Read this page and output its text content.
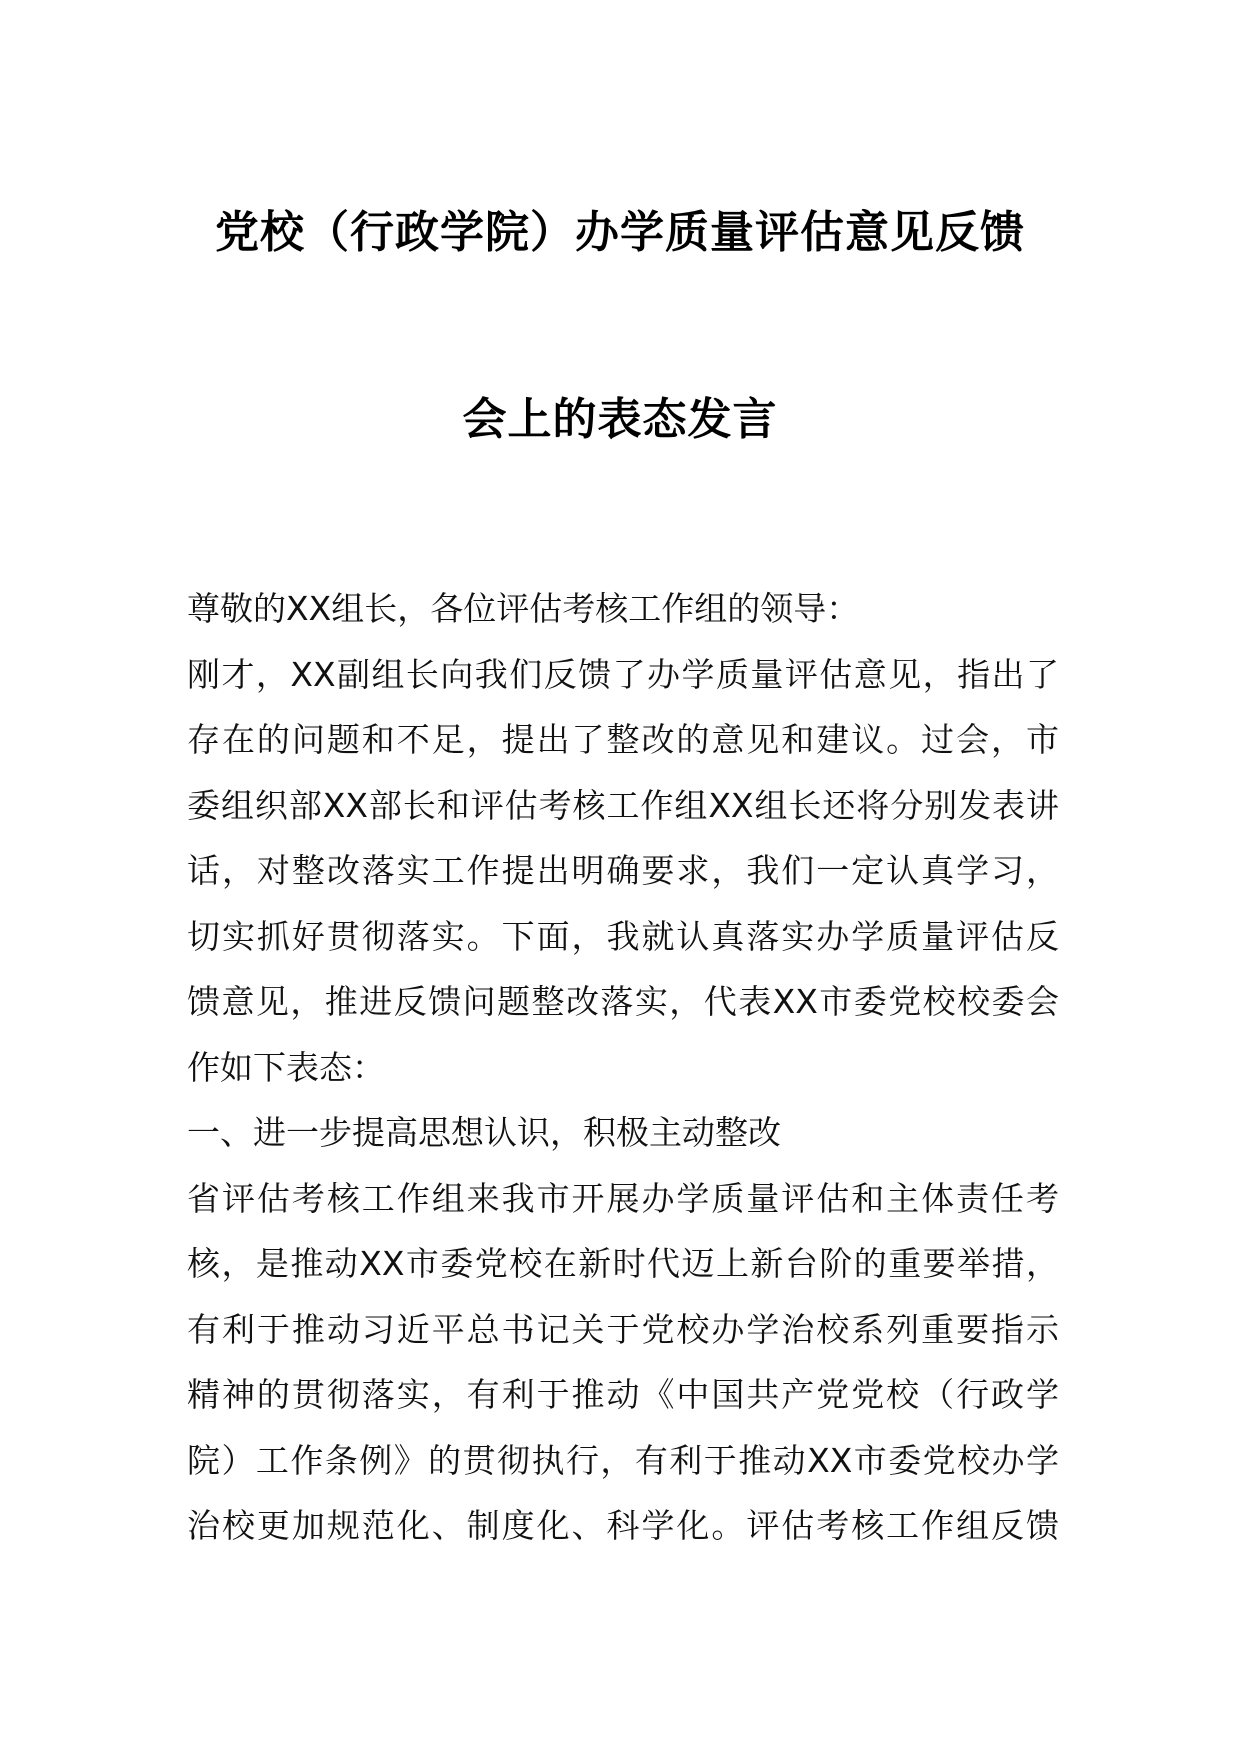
党校（行政学院）办学质量评估意见反馈
会上的表态发言
尊敬的XX组长，各位评估考核工作组的领导：
刚才，XX副组长向我们反馈了办学质量评估意见，指出了
存在的问题和不足，提出了整改的意见和建议。过会，市
委组织部XX部长和评估考核工作组XX组长还将分别发表讲
话，对整改落实工作提出明确要求，我们一定认真学习，
切实抓好贯彻落实。下面，我就认真落实办学质量评估反
馈意见，推进反馈问题整改落实，代表XX市委党校校委会
作如下表态：
一、进一步提高思想认识，积极主动整改
省评估考核工作组来我市开展办学质量评估和主体责任考
核，是推动XX市委党校在新时代迈上新台阶的重要举措，
有利于推动习近平总书记关于党校办学治校系列重要指示
精神的贯彻落实，有利于推动《中国共产党党校（行政学
院）工作条例》的贯彻执行，有利于推动XX市委党校办学
治校更加规范化、制度化、科学化。评估考核工作组反馈
